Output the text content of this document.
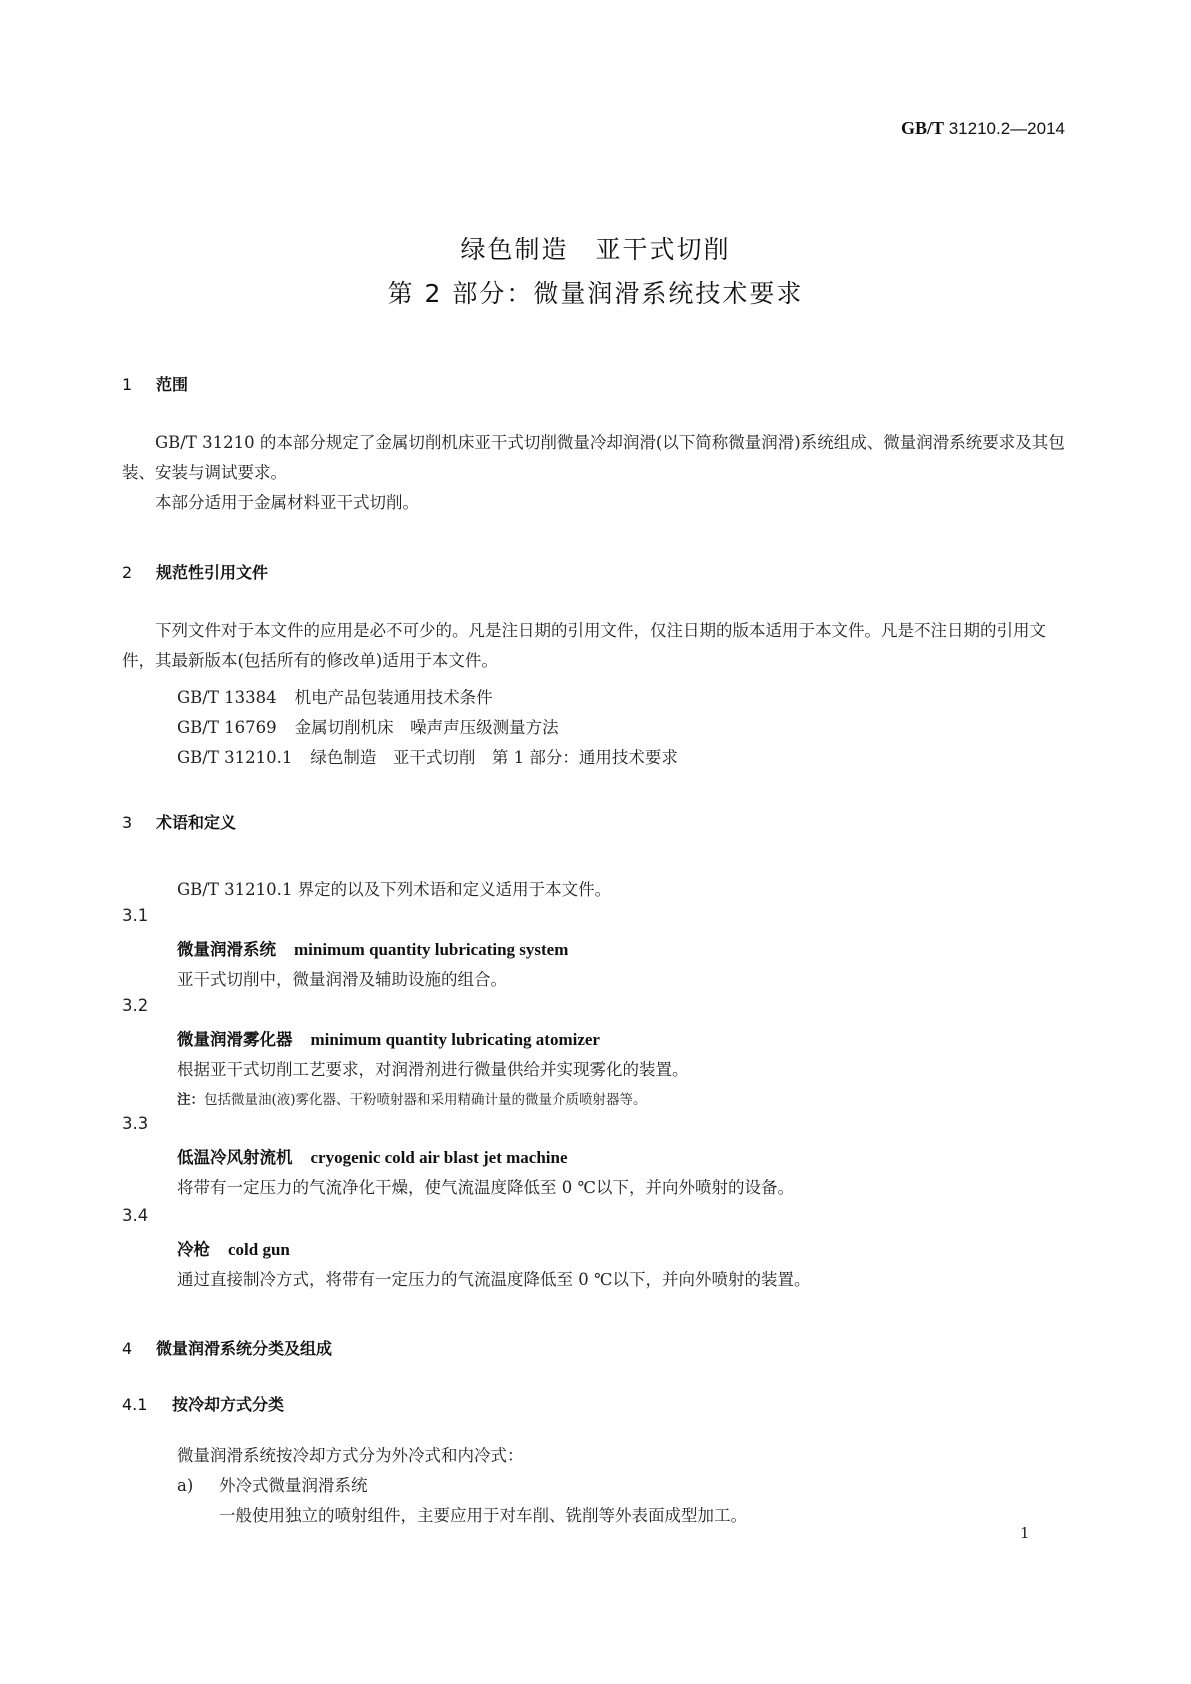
GB/T 31210.2—2014
绿色制造　亚干式切削
第 2 部分：微量润滑系统技术要求
1 范围
GB/T 31210 的本部分规定了金属切削机床亚干式切削微量冷却润滑(以下简称微量润滑)系统组成、微量润滑系统要求及其包装、安装与调试要求。
本部分适用于金属材料亚干式切削。
2 规范性引用文件
下列文件对于本文件的应用是必不可少的。凡是注日期的引用文件，仅注日期的版本适用于本文件。凡是不注日期的引用文件，其最新版本(包括所有的修改单)适用于本文件。
GB/T 13384 机电产品包装通用技术条件
GB/T 16769 金属切削机床　噪声声压级测量方法
GB/T 31210.1 绿色制造　亚干式切削　第 1 部分：通用技术要求
3 术语和定义
GB/T 31210.1 界定的以及下列术语和定义适用于本文件。
3.1
微量润滑系统 minimum quantity lubricating system
亚干式切削中，微量润滑及辅助设施的组合。
3.2
微量润滑雾化器 minimum quantity lubricating atomizer
根据亚干式切削工艺要求，对润滑剂进行微量供给并实现雾化的装置。
注：包括微量油(液)雾化器、干粉喷射器和采用精确计量的微量介质喷射器等。
3.3
低温冷风射流机 cryogenic cold air blast jet machine
将带有一定压力的气流净化干燥，使气流温度降低至 0 ℃以下，并向外喷射的设备。
3.4
冷枪 cold gun
通过直接制冷方式，将带有一定压力的气流温度降低至 0 ℃以下，并向外喷射的装置。
4 微量润滑系统分类及组成
4.1 按冷却方式分类
微量润滑系统按冷却方式分为外冷式和内冷式：
a) 外冷式微量润滑系统
一般使用独立的喷射组件，主要应用于对车削、铣削等外表面成型加工。
1
